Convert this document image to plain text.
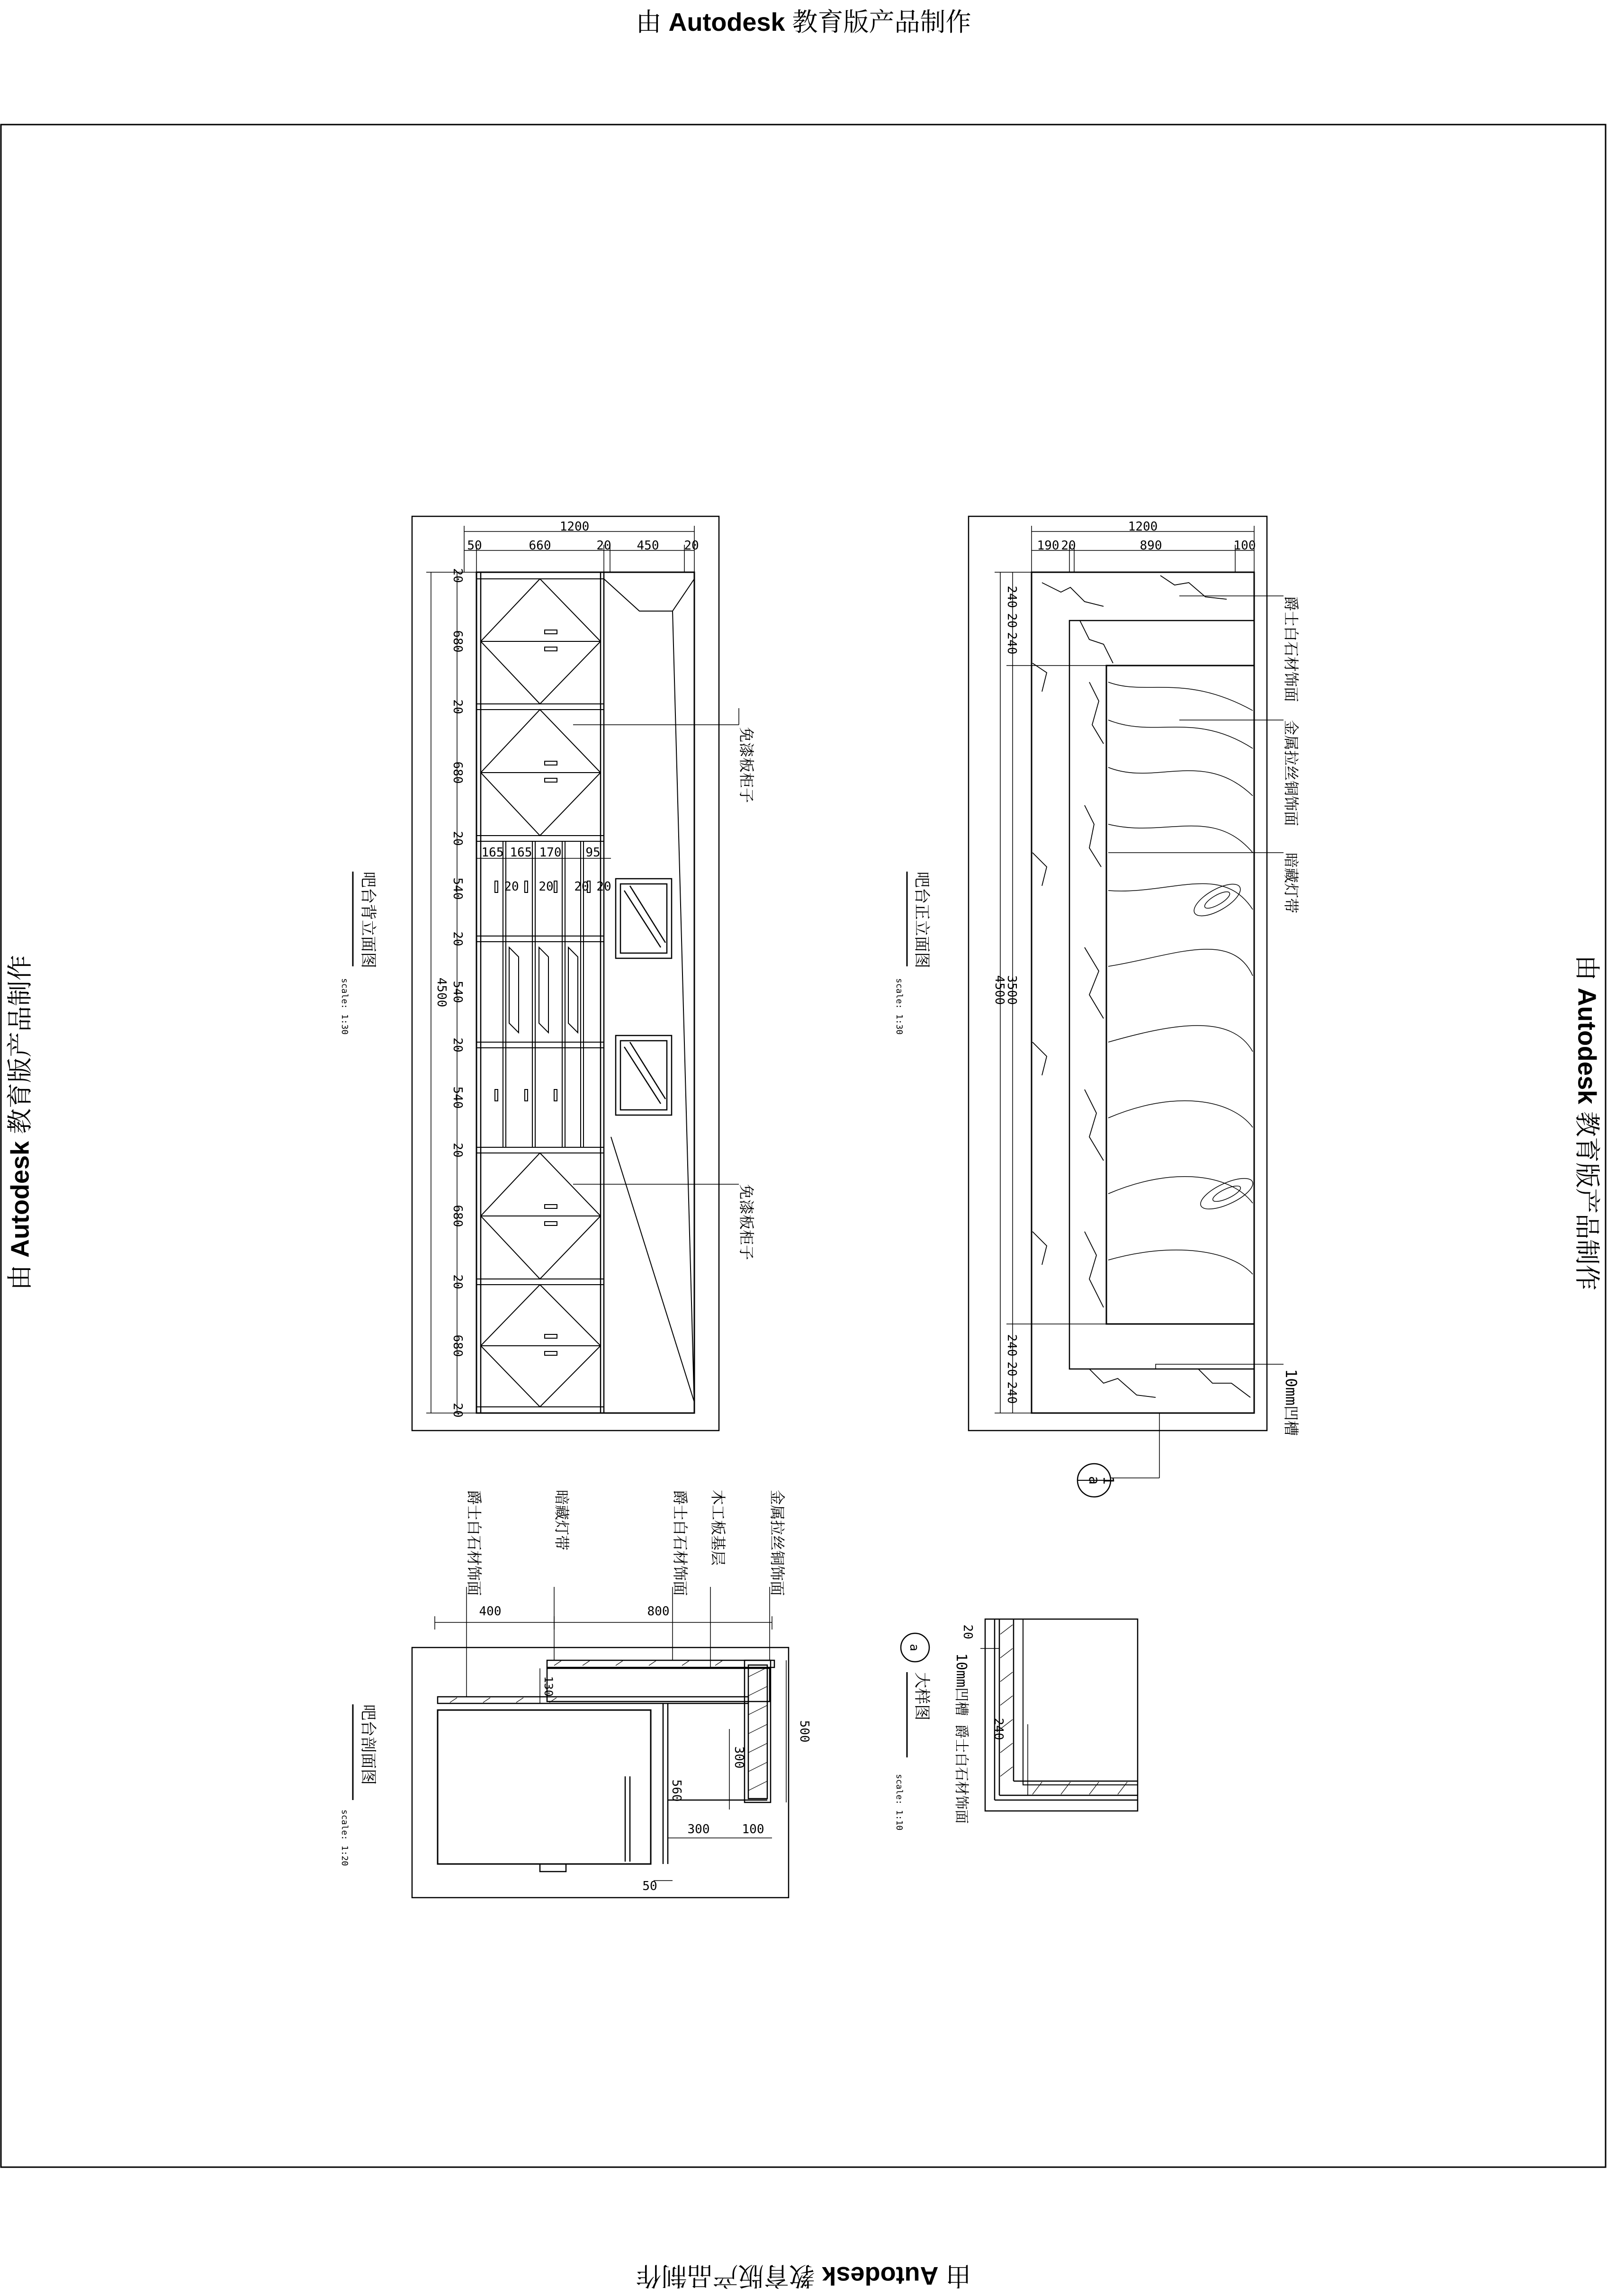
由 Autodesk 教育版产品制作
由 Autodesk 教育版产品制作	由 Autodesk 教育版产品制作
由 Autodesk 教育版产品制作
1200
50	660	20 450 20
165 165 170 95
20 20 20 20
20
680
20
680
20
540
20
540
20
540
20
680
20
680
20
4500
免漆板柜子
免漆板柜子
吧台背立面图
scale: 1:30
1200
190 20	890	100
240
20
240
3500
4500
240
20
240
爵士白石材饰面
金属拉丝铜饰面
暗藏灯带
10mm凹槽
吧台正立面图
scale: 1:30
a
1
400	800
130
500
300
560
300	100
50
爵士白石材饰面	暗藏灯带	爵士白石材饰面 木工板基层	金属拉丝铜饰面
吧台剖面图
scale: 1:20
20
240
10mm凹槽
爵士白石材饰面
a
大样图
scale: 1:10
